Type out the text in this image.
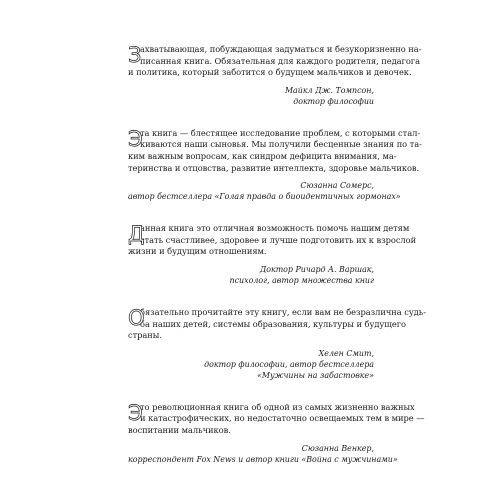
З

ахватывающая, побуждающая задуматься и безукоризненно на-
писанная книга. Обязательная для каждого родителя, педагога
и политика, который заботится о будущем мальчиков и девочек.

Майкл Дж. Томпсон,
доктор философии
Э

та книга — блестящее исследование проблем, с которыми стал-
киваются наши сыновья. Мы получили бесценные знания по та-
ким важным вопросам, как синдром дефицита внимания, ма-
теринства и отцовства, развитие интеллекта, здоровье мальчиков.

Сюзанна Сомерс,
автор бестселлера «Голая правда о биоидентичных гормонах»
Д

анная книга это отличная возможность помочь нашим детям
стать счастливее, здоровее и лучше подготовить их к взрослой
жизни и будущим отношениям.

Доктор Ричард А. Варшак,
психолог, автор множества книг
О

бязательно прочитайте эту книгу, если вам не безразлична судь-
ба наших детей, системы образования, культуры и будущего
страны.

Хелен Смит,
доктор философии, автор бестселлера
«Мужчины на забастовке»
Э

то революционная книга об одной из самых жизненно важных
и катастрофических, но недостаточно освещаемых тем в мире —
воспитании мальчиков.

Сюзанна Венкер,
корреспондент Fox News и автор книги «Война с мужчинами»
